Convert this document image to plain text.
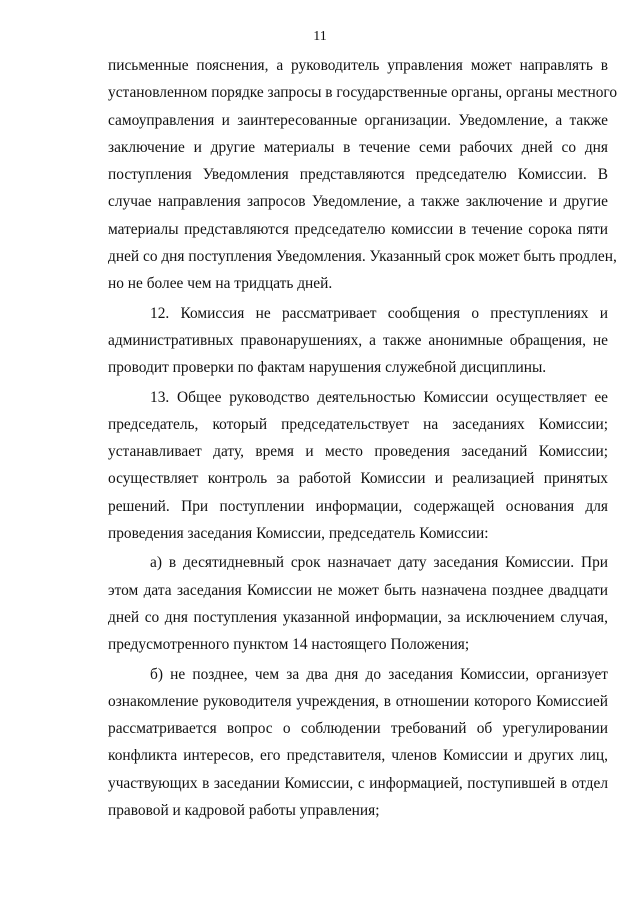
11
письменные пояснения, а руководитель управления может направлять в
установленном порядке запросы в государственные органы, органы местного
самоуправления и заинтересованные организации. Уведомление, а также
заключение и другие материалы в течение семи рабочих дней со дня
поступления Уведомления представляются председателю Комиссии. В
случае направления запросов Уведомление, а также заключение и другие
материалы представляются председателю комиссии в течение сорока пяти
дней со дня поступления Уведомления. Указанный срок может быть продлен,
но не более чем на тридцать дней.
12. Комиссия не рассматривает сообщения о преступлениях и
административных правонарушениях, а также анонимные обращения, не
проводит проверки по фактам нарушения служебной дисциплины.
13. Общее руководство деятельностью Комиссии осуществляет ее
председатель, который председательствует на заседаниях Комиссии;
устанавливает дату, время и место проведения заседаний Комиссии;
осуществляет контроль за работой Комиссии и реализацией принятых
решений. При поступлении информации, содержащей основания для
проведения заседания Комиссии, председатель Комиссии:
а) в десятидневный срок назначает дату заседания Комиссии. При
этом дата заседания Комиссии не может быть назначена позднее двадцати
дней со дня поступления указанной информации, за исключением случая,
предусмотренного пунктом 14 настоящего Положения;
б) не позднее, чем за два дня до заседания Комиссии, организует
ознакомление руководителя учреждения, в отношении которого Комиссией
рассматривается вопрос о соблюдении требований об урегулировании
конфликта интересов, его представителя, членов Комиссии и других лиц,
участвующих в заседании Комиссии, с информацией, поступившей в отдел
правовой и кадровой работы управления;
